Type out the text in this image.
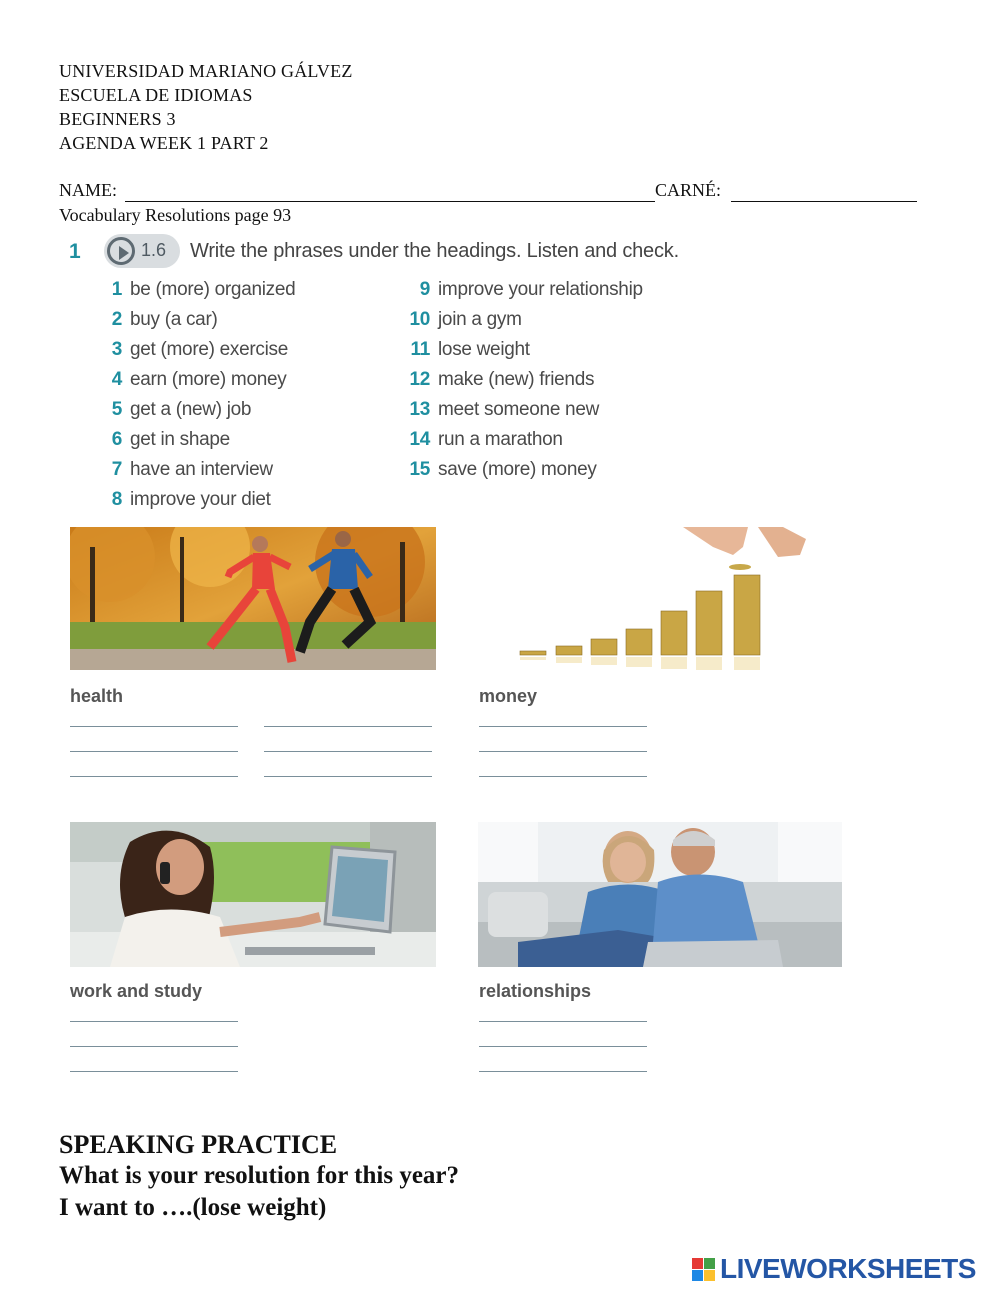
UNIVERSIDAD MARIANO GÁLVEZ
ESCUELA DE IDIOMAS
BEGINNERS 3
AGENDA WEEK 1 PART 2
NAME:	CARNÉ:
Vocabulary Resolutions page 93
1	1.6 Write the phrases under the headings. Listen and check.
1 be (more) organized
2 buy (a car)
3 get (more) exercise
4 earn (more) money
5 get a (new) job
6 get in shape
7 have an interview
8 improve your diet
9 improve your relationship
10 join a gym
11 lose weight
12 make (new) friends
13 meet someone new
14 run a marathon
15 save (more) money
health	money
work and study	relationships
SPEAKING PRACTICE
What is your resolution for this year?
I want to ….(lose weight)
LIVEWORKSHEETS
